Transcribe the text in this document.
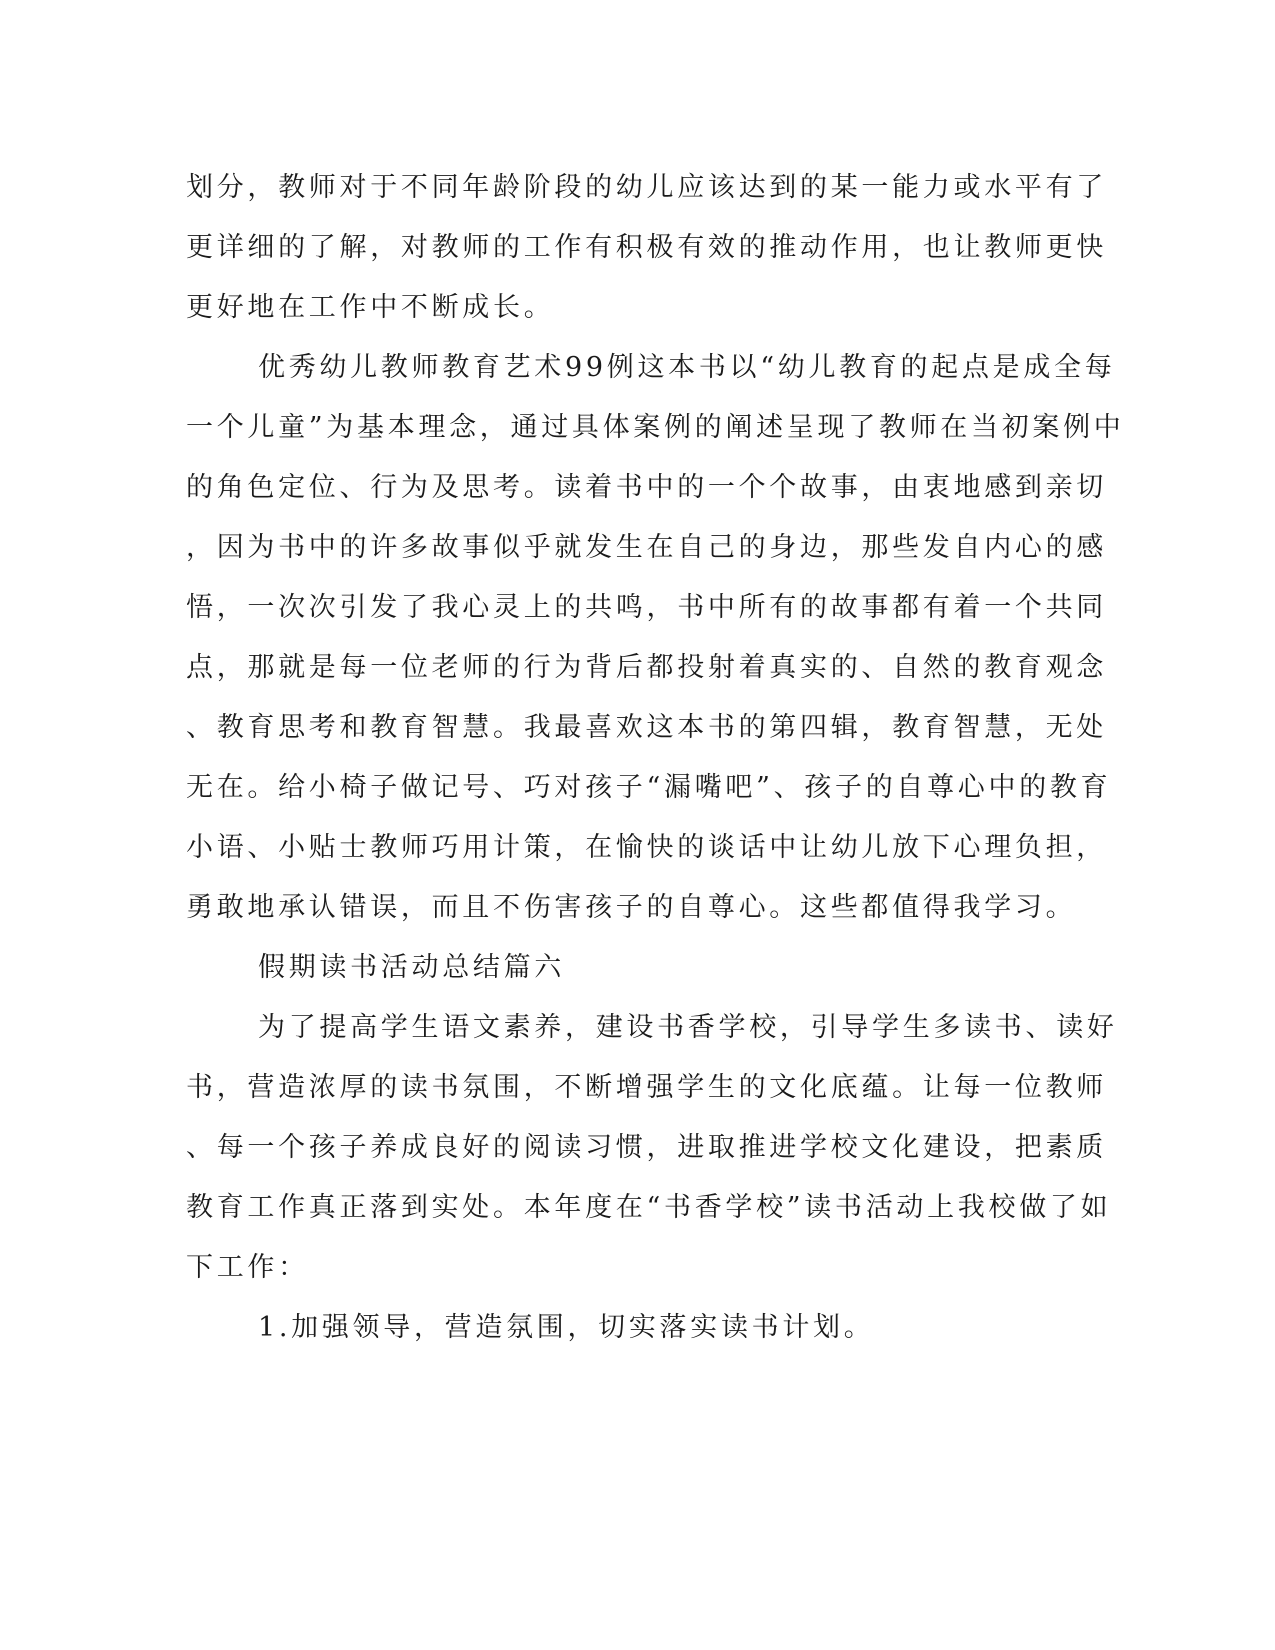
划分，教师对于不同年龄阶段的幼儿应该达到的某一能力或水平有了
更详细的了解，对教师的工作有积极有效的推动作用，也让教师更快
更好地在工作中不断成长。
优秀幼儿教师教育艺术99例这本书以“幼儿教育的起点是成全每
一个儿童”为基本理念，通过具体案例的阐述呈现了教师在当初案例中
的角色定位、行为及思考。读着书中的一个个故事，由衷地感到亲切
，因为书中的许多故事似乎就发生在自己的身边，那些发自内心的感
悟，一次次引发了我心灵上的共鸣，书中所有的故事都有着一个共同
点，那就是每一位老师的行为背后都投射着真实的、自然的教育观念
、教育思考和教育智慧。我最喜欢这本书的第四辑，教育智慧，无处
无在。给小椅子做记号、巧对孩子“漏嘴吧”、孩子的自尊心中的教育
小语、小贴士教师巧用计策，在愉快的谈话中让幼儿放下心理负担，
勇敢地承认错误，而且不伤害孩子的自尊心。这些都值得我学习。
假期读书活动总结篇六
为了提高学生语文素养，建设书香学校，引导学生多读书、读好
书，营造浓厚的读书氛围，不断增强学生的文化底蕴。让每一位教师
、每一个孩子养成良好的阅读习惯，进取推进学校文化建设，把素质
教育工作真正落到实处。本年度在“书香学校”读书活动上我校做了如
下工作：
1.加强领导，营造氛围，切实落实读书计划。
